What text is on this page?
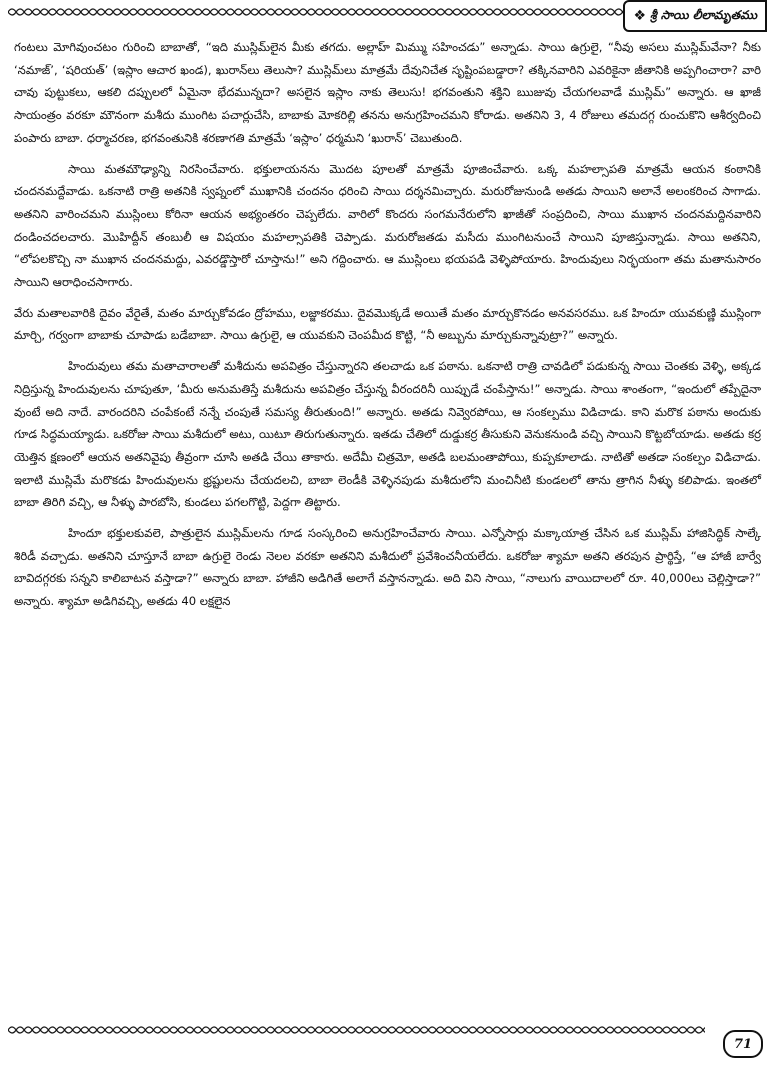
❖ శ్రీ సాయి లీలామృతము

గంటలు మోగివుంచటం గురించి బాబాతో, “ఇది ముస్లిమ్‌లైన మీకు తగదు. అల్లాహ్ మిమ్ము సహించడు” అన్నాడు. సాయి ఉగ్రులై, “నీవు అసలు ముస్లిమ్‌వేనా? నీకు ‘నమాజ్’, ‘షరియత్’ (ఇస్లాం ఆచార ఖండ), ఖురాన్‌లు తెలుసా? ముస్లిమ్‌లు మాత్రమే దేవునిచేత సృష్టింపబడ్డారా? తక్కినవారిని ఎవరికైనా జీతానికి అప్పగించారా? వారి చావు పుట్టుకలు, ఆకలి దప్పులలో ఏమైనా భేదమున్నదా? అసలైన ఇస్లాం నాకు తెలుసు! భగవంతుని శక్తిని ఋజువు చేయగలవాడే ముస్లిమ్” అన్నారు. ఆ ఖాజీ సాయంత్రం వరకూ మౌనంగా మశీదు ముంగిట పచార్లుచేసి, బాబాకు మోకరిల్లి తనను అనుగ్రహించమని కోరాడు. అతనిని 3, 4 రోజులు తమదగ్గ రుంచుకొని ఆశీర్వదించి పంపారు బాబా. ధర్మాచరణ, భగవంతునికి శరణాగతి మాత్రమే ‘ఇస్లాం’ ధర్మమని ‘ఖురాన్’ చెబుతుంది.

సాయి మతమౌఢ్యాన్ని నిరసించేవారు. భక్తులాయనను మొదట పూలతో మాత్రమే పూజించేవారు. ఒక్క మహల్సాపతి మాత్రమే ఆయన కంఠానికి చందనమద్దేవాడు. ఒకనాటి రాత్రి అతనికి స్వప్నంలో ముఖానికి చందనం ధరించి సాయి దర్శనమిచ్చారు. మరురోజునుండి అతడు సాయిని అలానే అలంకరించ సాగాడు. అతనిని వారించమని ముస్లింలు కోరినా ఆయన అభ్యంతరం చెప్పలేదు. వారిలో కొందరు సంగమనేరులోని ఖాజీతో సంప్రదించి, సాయి ముఖాన చందనమద్దినవారిని దండించదలచారు. మొహిద్దీన్ తంబులీ ఆ విషయం మహల్సాపతికి చెప్పాడు. మరురోజతడు మసీదు ముంగిటనుంచే సాయిని పూజిస్తున్నాడు. సాయి అతనిని, “లోపలకొచ్చి నా ముఖాన చందనమద్దు, ఎవరడ్డొస్తారో చూస్తాను!” అని గద్దించారు. ఆ ముస్లింలు భయపడి వెళ్ళిపోయారు. హిందువులు నిర్భయంగా తమ మతానుసారం సాయిని ఆరాధించసాగారు.

వేరు మతాలవారికి దైవం వేరైతే, మతం మార్చుకోవడం ద్రోహము, లజ్జాకరము. దైవమొక్కడే అయితే మతం మార్చుకొనడం అనవసరము. ఒక హిందూ యువకుణ్ణి ముస్లింగా మార్చి, గర్వంగా బాబాకు చూపాడు బడేబాబా. సాయి ఉగ్రులై, ఆ యువకుని చెంపమీద కొట్టి, “నీ అబ్బును మార్చుకున్నావుట్రా?” అన్నారు.

హిందువులు తమ మతాచారాలతో మశీదును అపవిత్రం చేస్తున్నారని తలచాడు ఒక పఠాను. ఒకనాటి రాత్రి చావడిలో పడుకున్న సాయి చెంతకు వెళ్ళి, అక్కడ నిద్రిస్తున్న హిందువులను చూపుతూ, ‘మీరు అనుమతిస్తే మశీదును అపవిత్రం చేస్తున్న వీరందరినీ యిప్పుడే చంపేస్తాను!” అన్నాడు. సాయి శాంతంగా, “ఇందులో తప్పేదైనా వుంటే అది నాదే. వారందరిని చంపేకంటే నన్నే చంపుతే సమస్య తీరుతుంది!” అన్నారు. అతడు నివ్వెరపోయి, ఆ సంకల్పము విడిచాడు. కాని మరొక పఠాను అందుకు గూడ సిద్ధమయ్యాడు. ఒకరోజు సాయి మశీదులో అటు, యిటూ తిరుగుతున్నారు. ఇతడు చేతిలో దుడ్డుకర్ర తీసుకుని వెనుకనుండి వచ్చి సాయిని కొట్టబోయాడు. అతడు కర్ర యెత్తిన క్షణంలో ఆయన అతనివైపు తీవ్రంగా చూసి అతడి చేయి తాకారు. అదేమీ చిత్రమో, అతడి బలమంతాపోయి, కుప్పకూలాడు. నాటితో అతడా సంకల్పం విడిచాడు. ఇలాటి ముస్లిమే మరొకడు హిందువులను భ్రష్టులను చేయదలచి, బాబా లెండీకి వెళ్ళినపుడు మశీదులోని మంచినీటి కుండలలో తాను త్రాగిన నీళ్ళు కలిపాడు. ఇంతలో బాబా తిరిగి వచ్చి, ఆ నీళ్ళు పారబోసి, కుండలు పగలగొట్టి, పెద్దగా తిట్టారు.

హిందూ భక్తులకువలె, పాత్రులైన ముస్లిమ్‌లను గూడ సంస్కరించి అనుగ్రహించేవారు సాయి. ఎన్నోసార్లు మక్కాయాత్ర చేసిన ఒక ముస్లిమ్ హాజిసిద్ధిక్ సాల్కే శిరిడీ వచ్చాడు. అతనిని చూస్తూనే బాబా ఉగ్రులై రెండు నెలల వరకూ అతనిని మశీదులో ప్రవేశించనీయలేదు. ఒకరోజు శ్యామా అతని తరపున ప్రార్థిస్తే, “ఆ హాజీ బార్వే బావిదగ్గరకు సన్నని కాలిబాటన వస్తాడా?” అన్నారు బాబా. హాజీని అడిగితే అలాగే వస్తానన్నాడు. అది విని సాయి, “నాలుగు వాయిదాలలో రూ. 40,000లు చెల్లిస్తాడా?” అన్నారు. శ్యామా అడిగివచ్చి, అతడు 40 లక్షలైన

71
